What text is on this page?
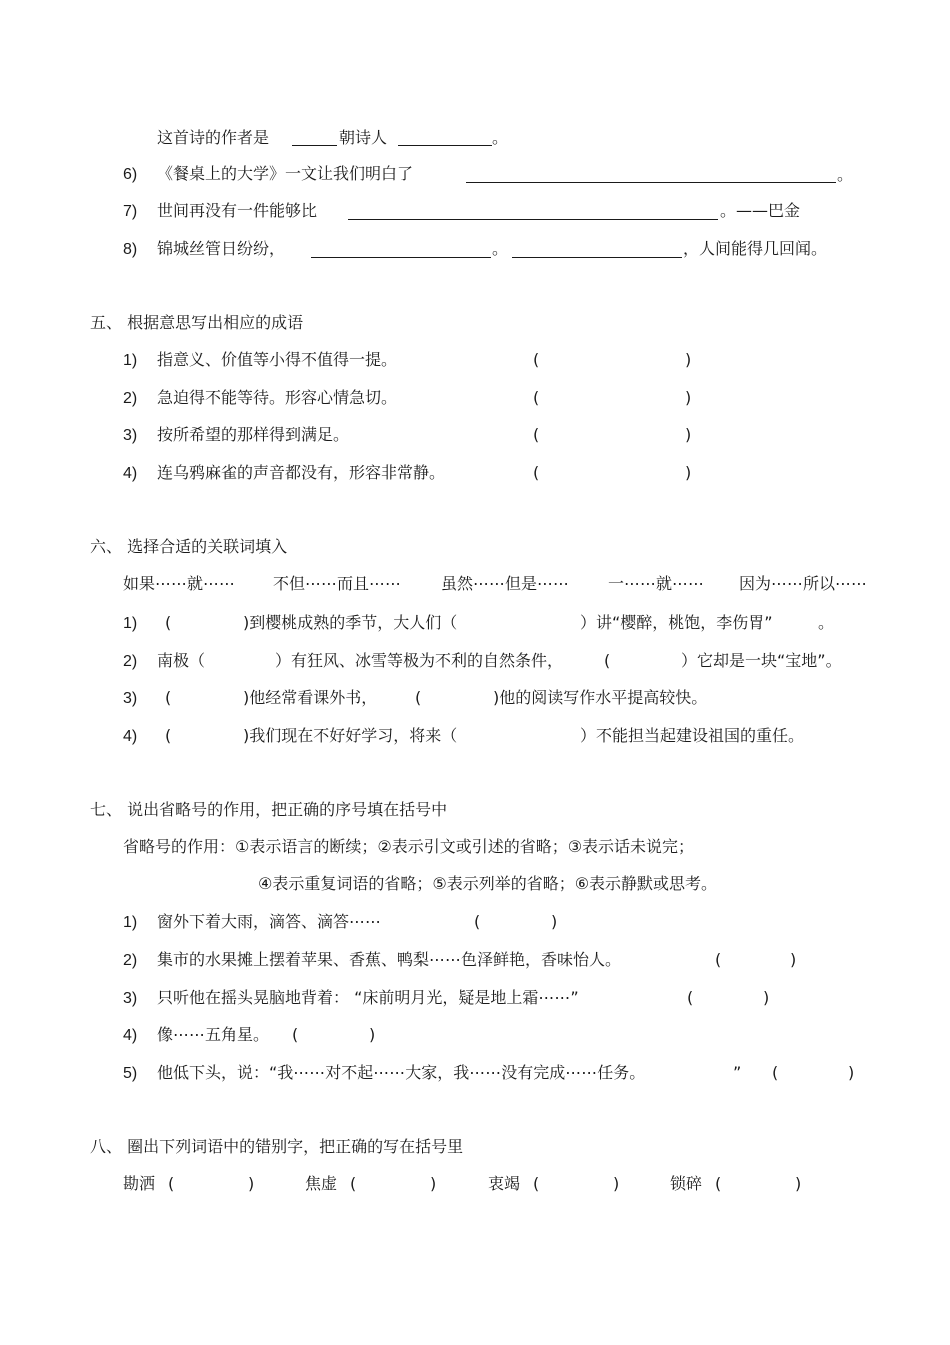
这首诗的作者是	朝诗人	。
6) 《餐桌上的大学》一文让我们明白了	。
7) 世间再没有一件能够比	。——巴金
8) 锦城丝管日纷纷，	。	，人间能得几回闻。
五、 根据意思写出相应的成语
1) 指意义、价值等小得不值得一提。	(	)
2) 急迫得不能等待。形容心情急切。	(	)
3) 按所希望的那样得到满足。	(	)
4) 连乌鸦麻雀的声音都没有，形容非常静。	(	)
六、 选择合适的关联词填入
如果⋯⋯就⋯⋯ 不但⋯⋯而且⋯⋯ 虽然⋯⋯但是⋯⋯ 一⋯⋯就⋯⋯ 因为⋯⋯所以⋯⋯
1) (	)到樱桃成熟的季节，大人们（	）讲“樱醉，桃饱，李伤胃”	。
2) 南极（	）有狂风、冰雪等极为不利的自然条件，	(	）它却是一块“宝地”。
3) (	)他经常看课外书， (	)他的阅读写作水平提高较快。
4) (	)我们现在不好好学习，将来（	）不能担当起建设祖国的重任。
七、 说出省略号的作用，把正确的序号填在括号中
省略号的作用：①表示语言的断续；②表示引文或引述的省略；③表示话未说完；
④表示重复词语的省略；⑤表示列举的省略；⑥表示静默或思考。
1) 窗外下着大雨，滴答、滴答⋯⋯	(	)
2) 集市的水果摊上摆着苹果、香蕉、鸭梨⋯⋯色泽鲜艳，香味怡人。	(	)
3) 只听他在摇头晃脑地背着： “床前明月光，疑是地上霜⋯⋯”	(	)
4) 像⋯⋯五角星。 (	)
5) 他低下头，说：“我⋯⋯对不起⋯⋯大家，我⋯⋯没有完成⋯⋯任务。	” (	)
八、 圈出下列词语中的错别字，把正确的写在括号里
勘洒 (	)	焦虚 (	)	衷竭 (	)	锁碎 (	)
